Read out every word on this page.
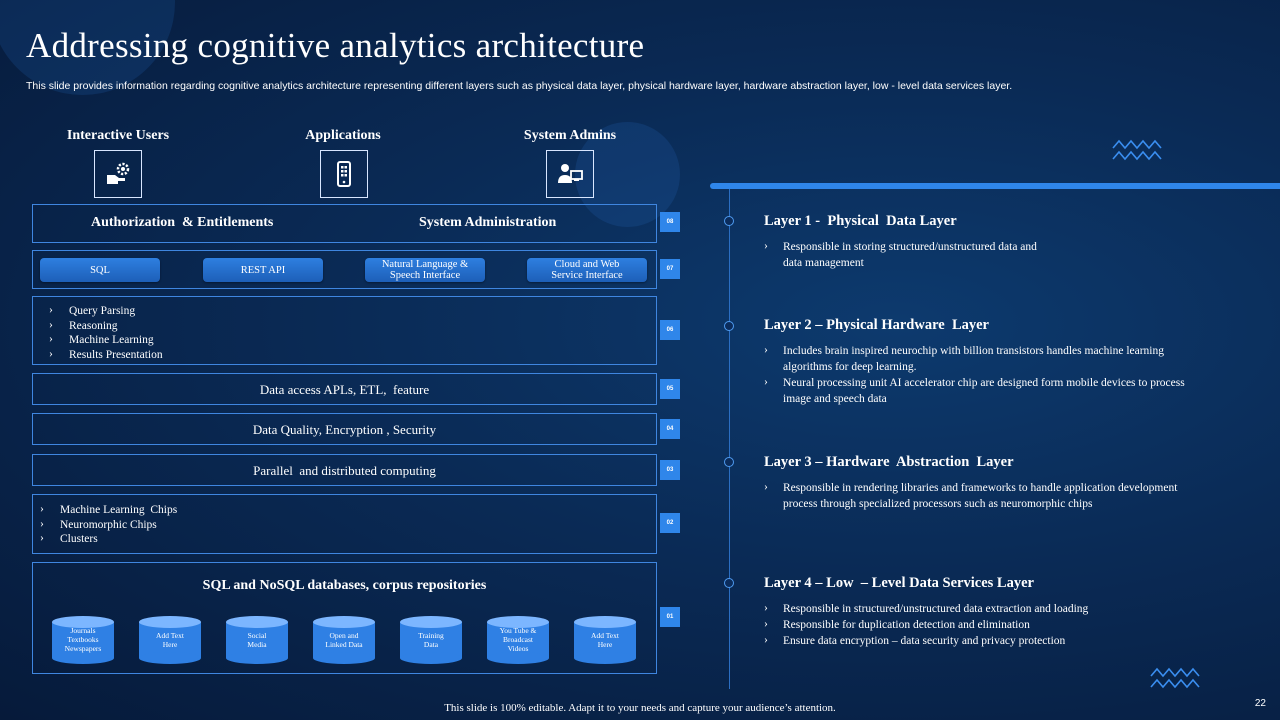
Addressing cognitive analytics architecture
This slide provides information regarding cognitive analytics architecture representing different layers such as physical data layer, physical hardware layer, hardware abstraction layer, low - level data services layer.
Interactive Users	Applications	System Admins
Authorization  & Entitlements	System Administration	08
SQL	REST API	Natural Language &
Speech Interface
Cloud and Web
Service Interface
07
› Query Parsing
› Reasoning
› Machine Learning
› Results Presentation
06
Data access APLs, ETL,  feature	05
Data Quality, Encryption , Security	04
Parallel  and distributed computing	03
› Machine Learning  Chips
› Neuromorphic Chips
› Clusters
02
SQL and NoSQL databases, corpus repositories
01
Journals
Textbooks
Newspapers
Add Text
Here
Social
Media
Open and
Linked Data
Training
Data
You Tube &
Broadcast
Videos
Add Text
Here
Layer 1 -  Physical  Data Layer
› Responsible in storing structured/unstructured data and
data management
Layer 2 – Physical Hardware  Layer
› Includes brain inspired neurochip with billion transistors handles machine learning algorithms for deep learning.
› Neural processing unit AI accelerator chip are designed form mobile devices to process image and speech data
Layer 3 – Hardware  Abstraction  Layer
› Responsible in rendering libraries and frameworks to handle application development process through specialized processors such as neuromorphic chips
Layer 4 – Low  – Level Data Services Layer
› Responsible in structured/unstructured data extraction and loading
› Responsible for duplication detection and elimination
› Ensure data encryption – data security and privacy protection
This slide is 100% editable. Adapt it to your needs and capture your audience’s attention.	22
